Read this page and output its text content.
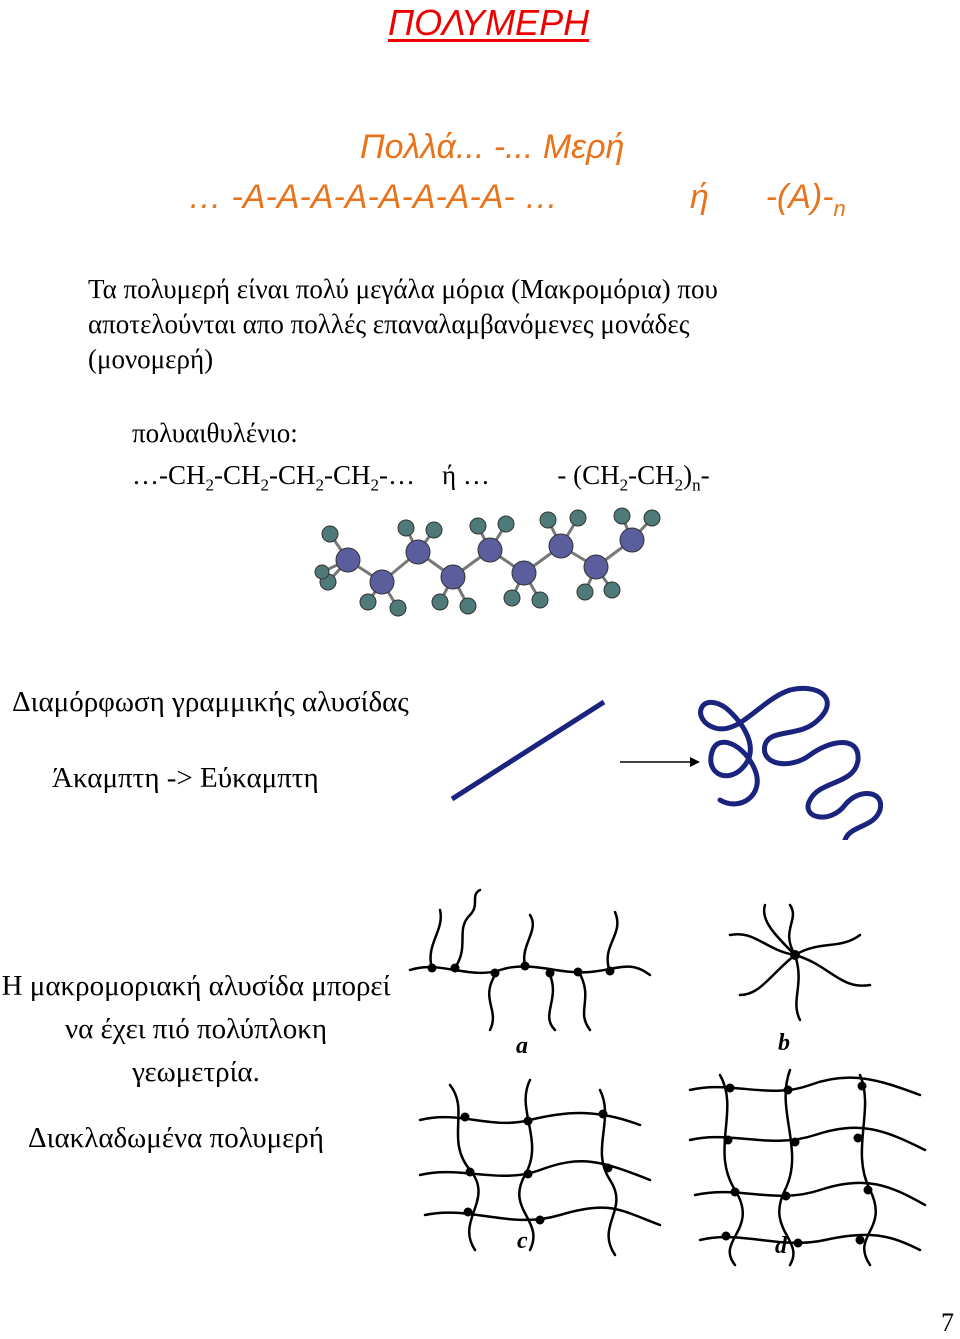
ΠΟΛΥΜΕΡΗ
Πολλά... -... Μερή
… -A-A-A-A-A-A-A-A- …	ή $-(A)-_n$
Τα πολυμερή είναι πολύ μεγάλα μόρια (Μακρομόρια) που
αποτελούνται απο πολλές επαναλαμβανόμενες μονάδες
(μονομερή)
πολυαιθυλένιο:
$\dots-CH_2-CH_2-CH_2-CH_2-\dots$ ή …	- $(CH_2-CH_2)_n-$
Διαμόρφωση γραμμικής αλυσίδας
Άκαμπτη -> Εύκαμπτη
Η μακρομοριακή αλυσίδα μπορεί να έχει πιό πολύπλοκη γεωμετρία.
Διακλαδωμένα πολυμερή
a	b
c	d
7
